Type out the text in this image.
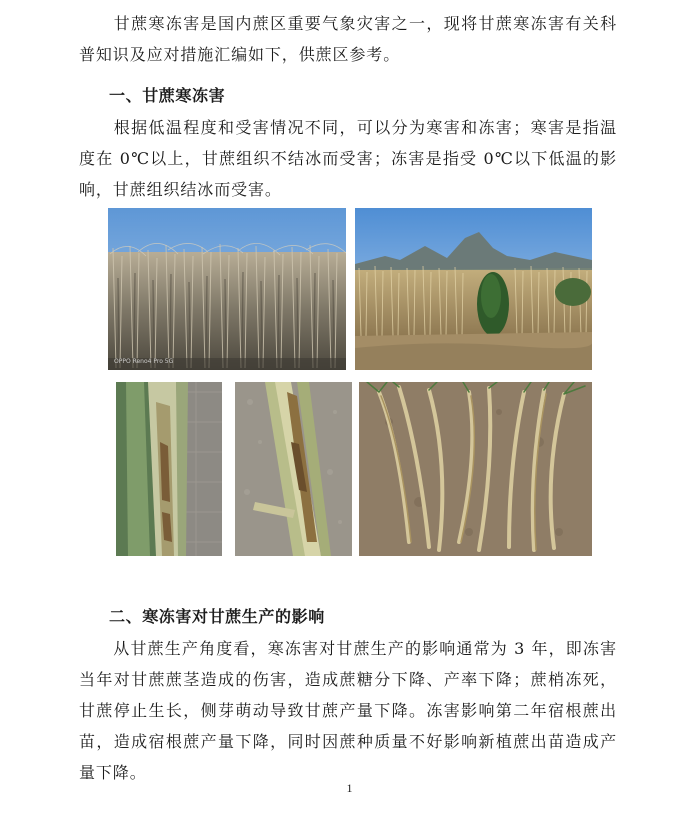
　　甘蔗寒冻害是国内蔗区重要气象灾害之一，现将甘蔗寒冻害有关科普知识及应对措施汇编如下，供蔗区参考。

一、甘蔗寒冻害

　　根据低温程度和受害情况不同，可以分为寒害和冻害；寒害是指温度在 0℃以上，甘蔗组织不结冰而受害；冻害是指受 0℃以下低温的影响，甘蔗组织结冰而受害。

OPPO Reno4 Pro 5G
二、寒冻害对甘蔗生产的影响

　　从甘蔗生产角度看，寒冻害对甘蔗生产的影响通常为 3 年，即冻害当年对甘蔗蔗茎造成的伤害，造成蔗糖分下降、产率下降；蔗梢冻死，甘蔗停止生长，侧芽萌动导致甘蔗产量下降。冻害影响第二年宿根蔗出苗，造成宿根蔗产量下降，同时因蔗种质量不好影响新植蔗出苗造成产量下降。

1
